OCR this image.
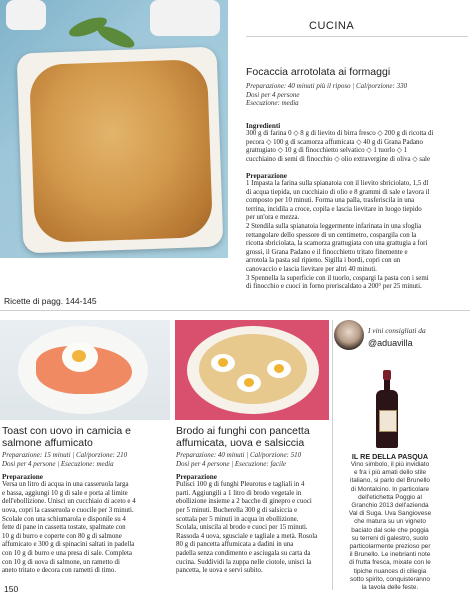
CUCINA
Focaccia arrotolata ai formaggi
Preparazione: 40 minuti più il riposo | Cal/porzione: 330
Dosi per 4 persone
Esecuzione: media
Ingredienti
300 g di farina 0 ◇ 8 g di lievito di birra fresco ◇ 200 g di ricotta di
pecora ◇ 100 g di scamorza affumicata ◇ 40 g di Grana Padano
grattugiato ◇ 10 g di finocchietto selvatico ◇ 1 tuorlo ◇ 1
cucchiaino di semi di finocchio ◇ olio extravergine di oliva ◇ sale
Preparazione
1 Impasta la farina sulla spianatoia con il lievito sbriciolato, 1,5 dl
di acqua tiepida, un cucchiaio di olio e 8 grammi di sale e lavora il
composto per 10 minuti. Forma una palla, trasferiscila in una
terrina, incidila a croce, copila e lascia lievitare in luogo tiepido
per un'ora e mezza.
2 Stendila sulla spianatoia leggermente infarinata in una sfoglia
rettangolare dello spessore di un centimetro, cospargila con la
ricotta sbriciolata, la scamorza grattugiata con una grattugia a fori
grossi, il Grana Padano e il finocchietto tritato finemente e
arrotola la pasta sul ripieno. Sigilla i bordi, copri con un
canovaccio e lascia lievitare per altri 40 minuti.
3 Spennella la superficie con il tuorlo, cospargi la pasta con i semi
di finocchio e cuoci in forno preriscaldato a 200° per 25 minuti.
Ricette di pagg. 144-145
Toast con uovo in camicia e
salmone affumicato
Preparazione: 15 minuti | Cal/porzione: 210
Dosi per 4 persone | Esecuzione: media
Preparazione
Versa un litro di acqua in una casseruola larga
e bassa, aggiungi 10 g di sale e porta al limite
dell'ebollizione. Unisci un cucchiaio di aceto e 4
uova, copri la casseruola e cuocile per 3 minuti.
Scolale con una schiumarola e disponile su 4
fette di pane in cassetta tostate, spalmate con
10 g di burro e coperte con 80 g di salmone
affumicato e 300 g di spinacini saltati in padella
con 10 g di burro e una presa di sale. Completa
con 10 g di uova di salmone, un rametto di
aneto tritato e decora con rametti di timo.
Brodo ai funghi con pancetta
affumicata, uova e salsiccia
Preparazione: 40 minuti | Cal/porzione: 510
Dosi per 4 persone | Esecuzione: facile
Preparazione
Pulisci 100 g di funghi Pleurotus e tagliali in 4
parti. Aggiungili a 1 litro di brodo vegetale in
ebollizione insieme a 2 bacche di ginepro e cuoci
per 5 minuti. Bucherella 300 g di salsiccia e
scottala per 5 minuti in acqua in ebollizione.
Scolala, uniscila al brodo e cuoci per 15 minuti.
Rassoda 4 uova, sgusciale e tagliale a metà. Rosola
80 g di pancetta affumicata a dadini in una
padella senza condimento e asciugala su carta da
cucina. Suddividi la zuppa nelle ciotole, unisci la
pancetta, le uova e servi subito.
I vini consigliati da
@aduavilla
IL RE DELLA PASQUA
Vino simbolo, il più invidiato
e fra i più amati dello stile
italiano, si parlo del Brunello
di Montalcino. In particolare
dell'etichetta Poggio al
Granchio 2013 dell'azienda
Val di Suga. Uva Sangiovese
che matura su un vigneto
baciato dal sole che poggia
su terreni di galestro, suolo
particolarmente prezioso per
il Brunello. Le inebrianti note
di frutta fresca, mixate con le
tipiche nuances di ciliegia
sotto spirito, conquisteranno
la tavola delle feste.
150
